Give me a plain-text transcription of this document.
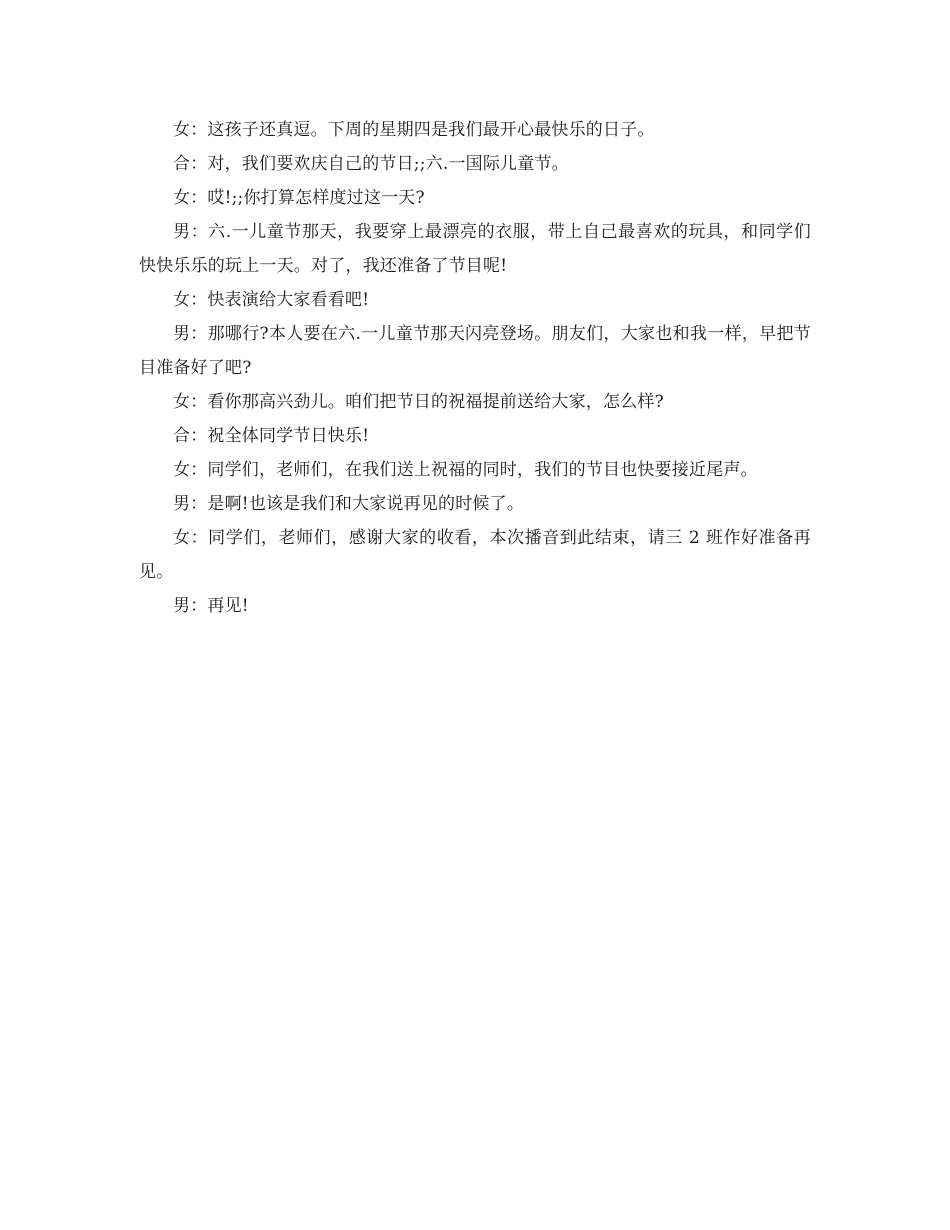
女：这孩子还真逗。下周的星期四是我们最开心最快乐的日子。

合：对，我们要欢庆自己的节日;;六.一国际儿童节。

女：哎!;;你打算怎样度过这一天?

男：六.一儿童节那天，我要穿上最漂亮的衣服，带上自己最喜欢的玩具，和同学们快快乐乐的玩上一天。对了，我还准备了节目呢!

女：快表演给大家看看吧!

男：那哪行?本人要在六.一儿童节那天闪亮登场。朋友们，大家也和我一样，早把节目准备好了吧?

女：看你那高兴劲儿。咱们把节日的祝福提前送给大家，怎么样?

合：祝全体同学节日快乐!

女：同学们，老师们，在我们送上祝福的同时，我们的节目也快要接近尾声。

男：是啊!也该是我们和大家说再见的时候了。

女：同学们，老师们，感谢大家的收看，本次播音到此结束，请三 2 班作好准备再见。

男：再见!
